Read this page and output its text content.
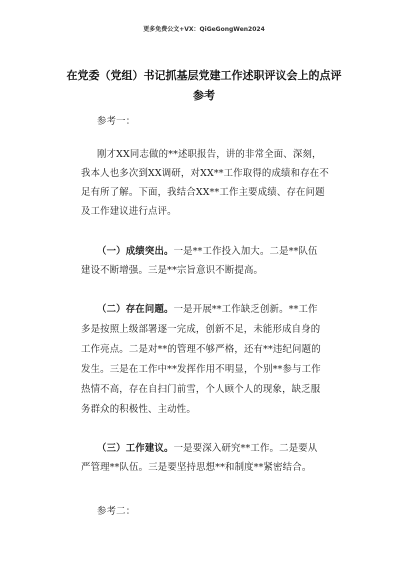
更多免费公文+VX：QiGeGongWen2024
在党委（党组）书记抓基层党建工作述职评议会上的点评
参考
参考一：
刚才XX同志做的**述职报告，讲的非常全面、深刻，
我本人也多次到XX调研，对XX**工作取得的成绩和存在不
足有所了解。下面，我结合XX**工作主要成绩、存在问题
及工作建议进行点评。
（一）成绩突出。一是**工作投入加大。二是**队伍
建设不断增强。三是**宗旨意识不断提高。
（二）存在问题。一是开展**工作缺乏创新。**工作
多是按照上级部署逐一完成，创新不足，未能形成自身的
工作亮点。二是对**的管理不够严格，还有**违纪问题的
发生。三是在工作中**发挥作用不明显，个别**参与工作
热情不高，存在自扫门前雪，个人顾个人的现象，缺乏服
务群众的积极性、主动性。
（三）工作建议。一是要深入研究**工作。二是要从
严管理**队伍。三是要坚持思想**和制度**紧密结合。
参考二：
